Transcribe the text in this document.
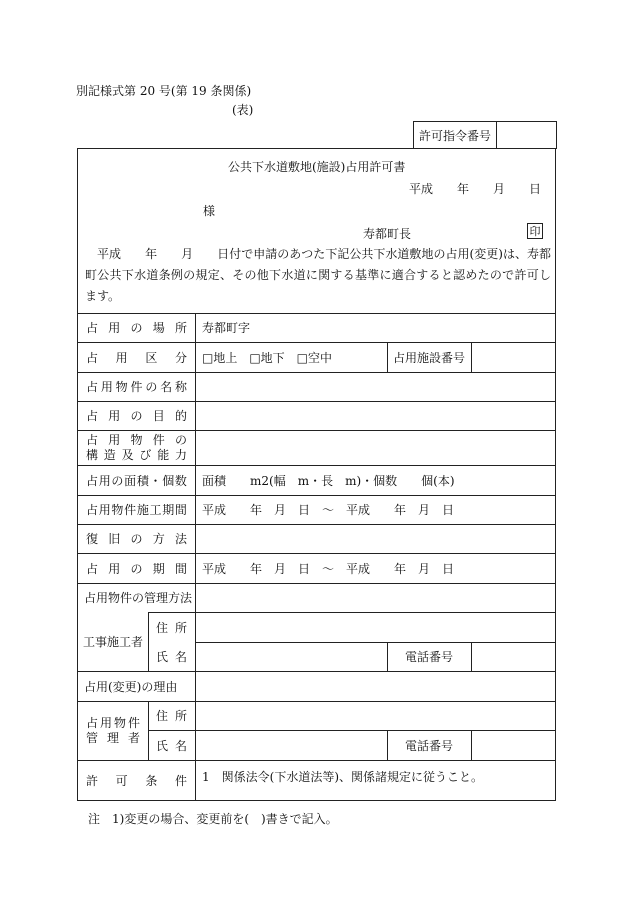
別記様式第 20 号(第 19 条関係)
(表)
許可指令番号
公共下水道敷地(施設)占用許可書
平成　　年　　月　　日
様
寿都町長	印
　平成　　年　　月　　日付で申請のあつた下記公共下水道敷地の占用(変更)は、寿都町公共下水道条例の規定、その他下水道に関する基準に適合すると認めたので許可します。
占 用 の 場 所	寿都町字
占 用 区 分	□地上　□地下　□空中	占用施設番号
占 用 物 件 の 名 称
占 用 の 目 的
占 用 物 件 の
構 造 及 び 能 力
占 用 の 面 積 ・ 個 数	面積　　m2(幅　m・長　m)・個数　　個(本)
占 用 物 件 施 工 期 間	平成　　年　月　日　～　平成　　年　月　日
復 旧 の 方 法
占 用 の 期 間	平成　　年　月　日　～　平成　　年　月　日
占用物件の管理方法
工事施工者
住 所
氏 名	電話番号
占用(変更)の理由
占 用 物 件
管 理 者
住 所
氏 名	電話番号
許 可 条 件 1　関係法令(下水道法等)、関係諸規定に従うこと。
注　1)変更の場合、変更前を(　)書きで記入。
